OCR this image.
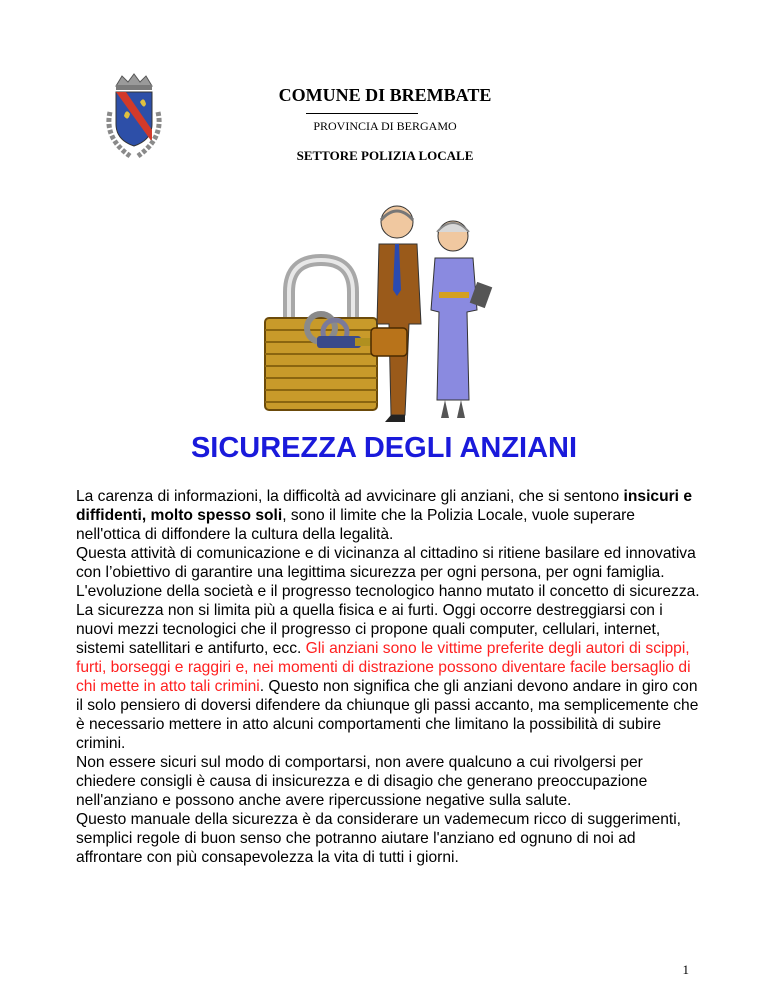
COMUNE DI BREMBATE
PROVINCIA DI BERGAMO
SETTORE POLIZIA LOCALE
SICUREZZA DEGLI ANZIANI
La carenza di informazioni, la difficoltà ad avvicinare gli anziani, che si sentono insicuri e diffidenti, molto spesso soli, sono il limite che la Polizia Locale, vuole superare nell'ottica di diffondere la cultura della legalità.
Questa attività di comunicazione e di vicinanza al cittadino si ritiene basilare ed innovativa con l’obiettivo di garantire una legittima sicurezza per ogni persona, per ogni famiglia.
L'evoluzione della società e il progresso tecnologico hanno mutato il concetto di sicurezza. La sicurezza non si limita più a quella fisica e ai furti. Oggi occorre destreggiarsi con i nuovi mezzi tecnologici che il progresso ci propone quali computer, cellulari, internet, sistemi satellitari e antifurto, ecc. Gli anziani sono le vittime preferite degli autori di scippi, furti, borseggi e raggiri e, nei momenti di distrazione possono diventare facile bersaglio di chi mette in atto tali crimini. Questo non significa che gli anziani devono andare in giro con il solo pensiero di doversi difendere da chiunque gli passi accanto, ma semplicemente che è necessario mettere in atto alcuni comportamenti che limitano la possibilità di subire crimini.
Non essere sicuri sul modo di comportarsi, non avere qualcuno a cui rivolgersi per chiedere consigli è causa di insicurezza e di disagio che generano preoccupazione nell'anziano e possono anche avere ripercussione negative sulla salute.
Questo manuale della sicurezza è da considerare un vademecum ricco di suggerimenti, semplici regole di buon senso che potranno aiutare l'anziano ed ognuno di noi ad affrontare con più consapevolezza la vita di tutti i giorni.
1
